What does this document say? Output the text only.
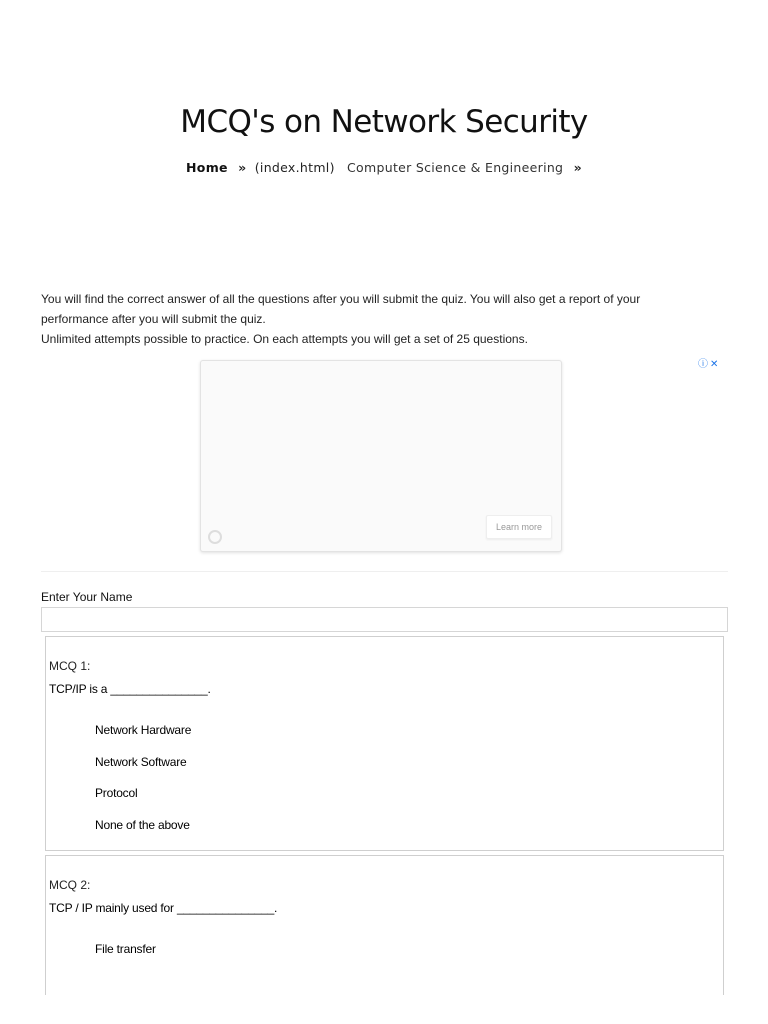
MCQ's on Network Security
Home » (index.html) Computer Science & Engineering »
You will find the correct answer of all the questions after you will submit the quiz. You will also get a report of your performance after you will submit the quiz.
Unlimited attempts possible to practice. On each attempts you will get a set of 25 questions.
ⓘ ✕
Learn more
Enter Your Name
MCQ 1:
TCP/IP is a _______________.
Network Hardware
Network Software
Protocol
None of the above
MCQ 2:
TCP / IP mainly used for _______________.
File transfer
